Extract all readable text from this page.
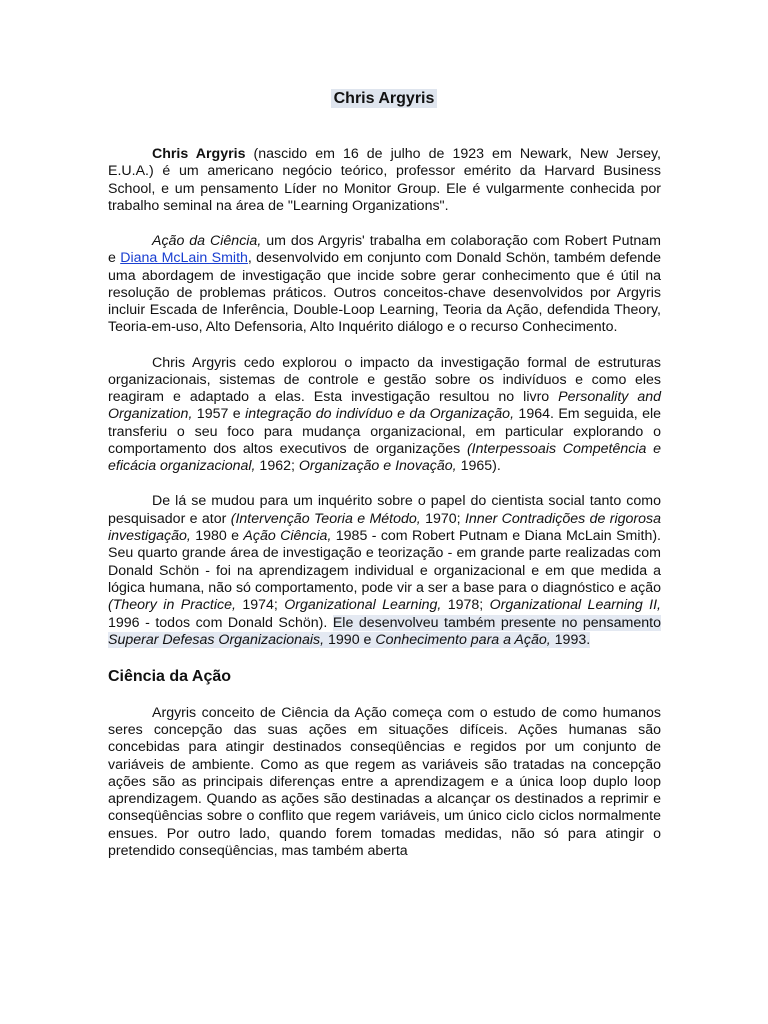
Chris Argyris

Chris Argyris (nascido em 16 de julho de 1923 em Newark, New Jersey, E.U.A.) é um americano negócio teórico, professor emérito da Harvard Business School, e um pensamento Líder no Monitor Group. Ele é vulgarmente conhecida por trabalho seminal na área de "Learning Organizations".

Ação da Ciência, um dos Argyris' trabalha em colaboração com Robert Putnam e Diana McLain Smith, desenvolvido em conjunto com Donald Schön, também defende uma abordagem de investigação que incide sobre gerar conhecimento que é útil na resolução de problemas práticos. Outros conceitos-chave desenvolvidos por Argyris incluir Escada de Inferência, Double-Loop Learning, Teoria da Ação, defendida Theory, Teoria-em-uso, Alto Defensoria, Alto Inquérito diálogo e o recurso Conhecimento.

Chris Argyris cedo explorou o impacto da investigação formal de estruturas organizacionais, sistemas de controle e gestão sobre os indivíduos e como eles reagiram e adaptado a elas. Esta investigação resultou no livro Personality and Organization, 1957 e integração do indivíduo e da Organização, 1964. Em seguida, ele transferiu o seu foco para mudança organizacional, em particular explorando o comportamento dos altos executivos de organizações (Interpessoais Competência e eficácia organizacional, 1962; Organização e Inovação, 1965).

De lá se mudou para um inquérito sobre o papel do cientista social tanto como pesquisador e ator (Intervenção Teoria e Método, 1970; Inner Contradições de rigorosa investigação, 1980 e Ação Ciência, 1985 - com Robert Putnam e Diana McLain Smith). Seu quarto grande área de investigação e teorização - em grande parte realizadas com Donald Schön - foi na aprendizagem individual e organizacional e em que medida a lógica humana, não só comportamento, pode vir a ser a base para o diagnóstico e ação (Theory in Practice, 1974; Organizational Learning, 1978; Organizational Learning II, 1996 - todos com Donald Schön). Ele desenvolveu também presente no pensamento Superar Defesas Organizacionais, 1990 e Conhecimento para a Ação, 1993.

Ciência da Ação

Argyris conceito de Ciência da Ação começa com o estudo de como humanos seres concepção das suas ações em situações difíceis. Ações humanas são concebidas para atingir destinados conseqüências e regidos por um conjunto de variáveis de ambiente. Como as que regem as variáveis são tratadas na concepção ações são as principais diferenças entre a aprendizagem e a única loop duplo loop aprendizagem. Quando as ações são destinadas a alcançar os destinados a reprimir e conseqüências sobre o conflito que regem variáveis, um único ciclo ciclos normalmente ensues. Por outro lado, quando forem tomadas medidas, não só para atingir o pretendido conseqüências, mas também aberta
